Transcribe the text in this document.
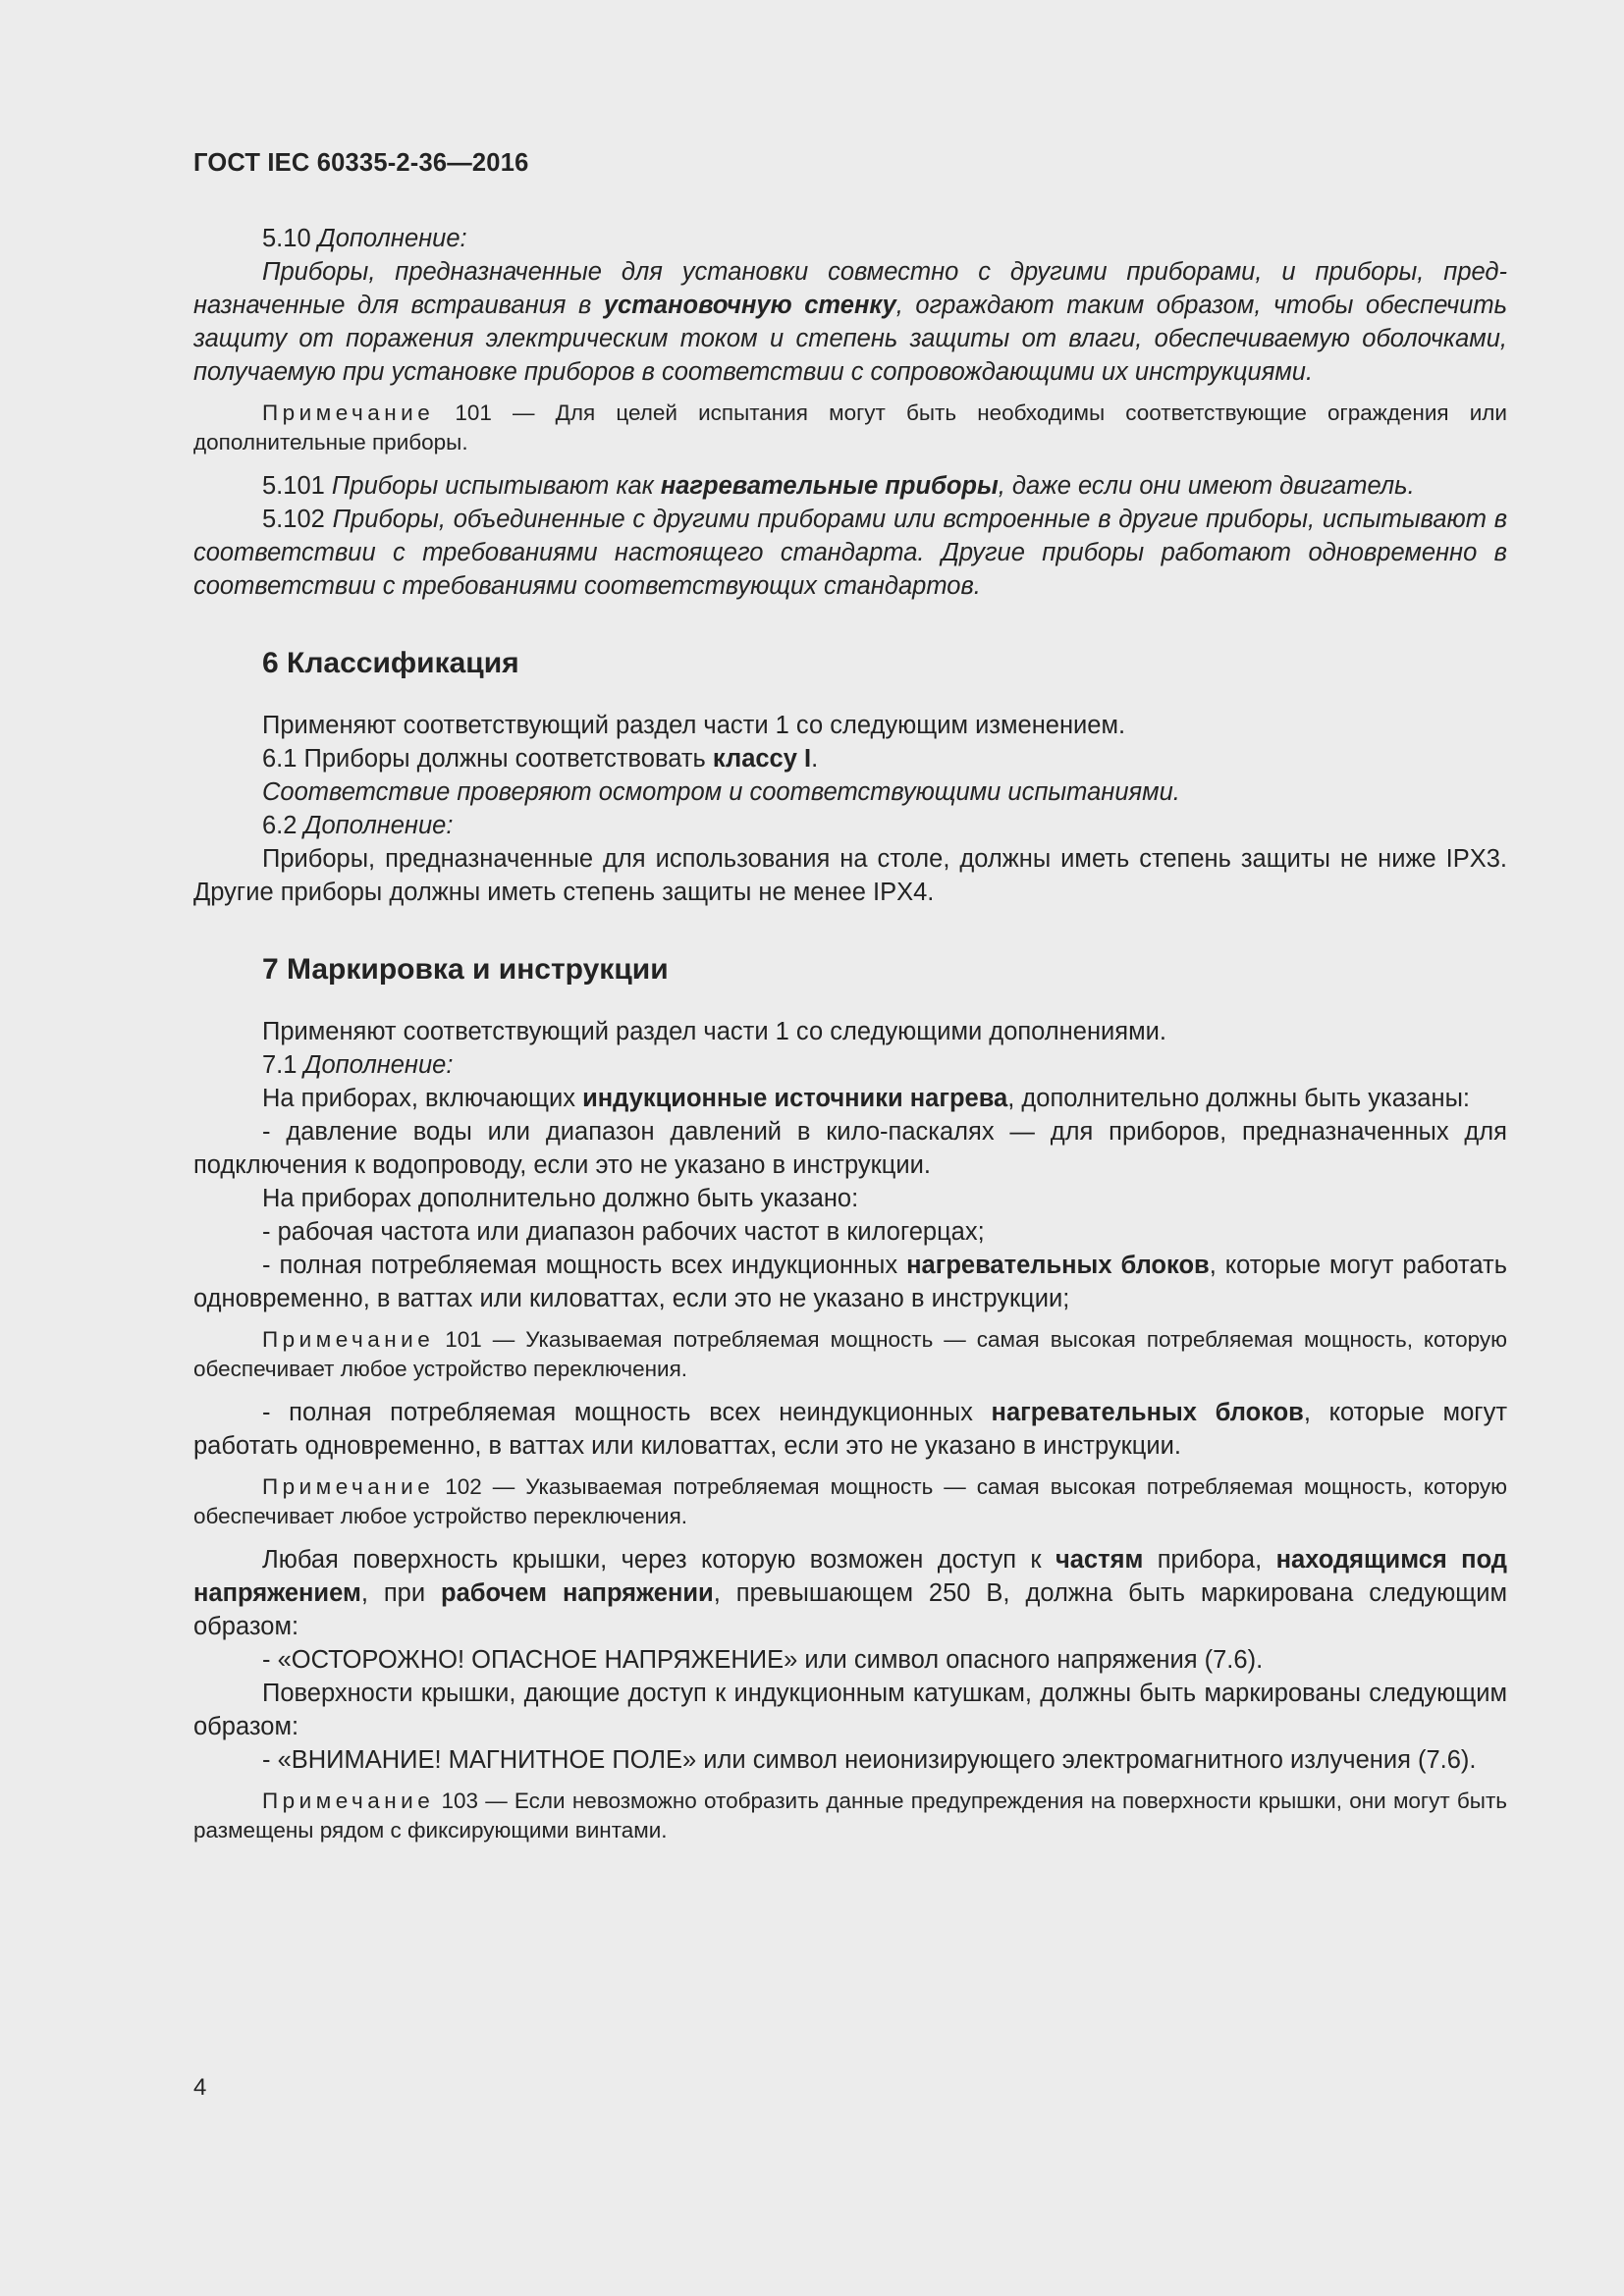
ГОСТ IEC 60335-2-36—2016

5.10 Дополнение:

Приборы, предназначенные для установки совместно с другими приборами, и приборы, предназначенные для встраивания в установочную стенку, ограждают таким образом, чтобы обеспечить защиту от поражения электрическим током и степень защиты от влаги, обеспечиваемую оболочками, получаемую при установке приборов в соответствии с сопровождающими их инструкциями.

Примечание 101 — Для целей испытания могут быть необходимы соответствующие ограждения или дополнительные приборы.

5.101 Приборы испытывают как нагревательные приборы, даже если они имеют двигатель.

5.102 Приборы, объединенные с другими приборами или встроенные в другие приборы, испытывают в соответствии с требованиями настоящего стандарта. Другие приборы работают одновременно в соответствии с требованиями соответствующих стандартов.

6 Классификация

Применяют соответствующий раздел части 1 со следующим изменением.

6.1 Приборы должны соответствовать классу I.

Соответствие проверяют осмотром и соответствующими испытаниями.

6.2 Дополнение:

Приборы, предназначенные для использования на столе, должны иметь степень защиты не ниже IPX3. Другие приборы должны иметь степень защиты не менее IPX4.

7 Маркировка и инструкции

Применяют соответствующий раздел части 1 со следующими дополнениями.

7.1 Дополнение:

На приборах, включающих индукционные источники нагрева, дополнительно должны быть указаны:

- давление воды или диапазон давлений в кило-паскалях — для приборов, предназначенных для подключения к водопроводу, если это не указано в инструкции.

На приборах дополнительно должно быть указано:

- рабочая частота или диапазон рабочих частот в килогерцах;

- полная потребляемая мощность всех индукционных нагревательных блоков, которые могут работать одновременно, в ваттах или киловаттах, если это не указано в инструкции;

Примечание 101 — Указываемая потребляемая мощность — самая высокая потребляемая мощность, которую обеспечивает любое устройство переключения.

- полная потребляемая мощность всех неиндукционных нагревательных блоков, которые могут работать одновременно, в ваттах или киловаттах, если это не указано в инструкции.

Примечание 102 — Указываемая потребляемая мощность — самая высокая потребляемая мощность, которую обеспечивает любое устройство переключения.

Любая поверхность крышки, через которую возможен доступ к частям прибора, находящимся под напряжением, при рабочем напряжении, превышающем 250 В, должна быть маркирована следующим образом:

- «ОСТОРОЖНО! ОПАСНОЕ НАПРЯЖЕНИЕ» или символ опасного напряжения (7.6).

Поверхности крышки, дающие доступ к индукционным катушкам, должны быть маркированы следующим образом:

- «ВНИМАНИЕ! МАГНИТНОЕ ПОЛЕ» или символ неионизирующего электромагнитного излучения (7.6).

Примечание 103 — Если невозможно отобразить данные предупреждения на поверхности крышки, они могут быть размещены рядом с фиксирующими винтами.
4
